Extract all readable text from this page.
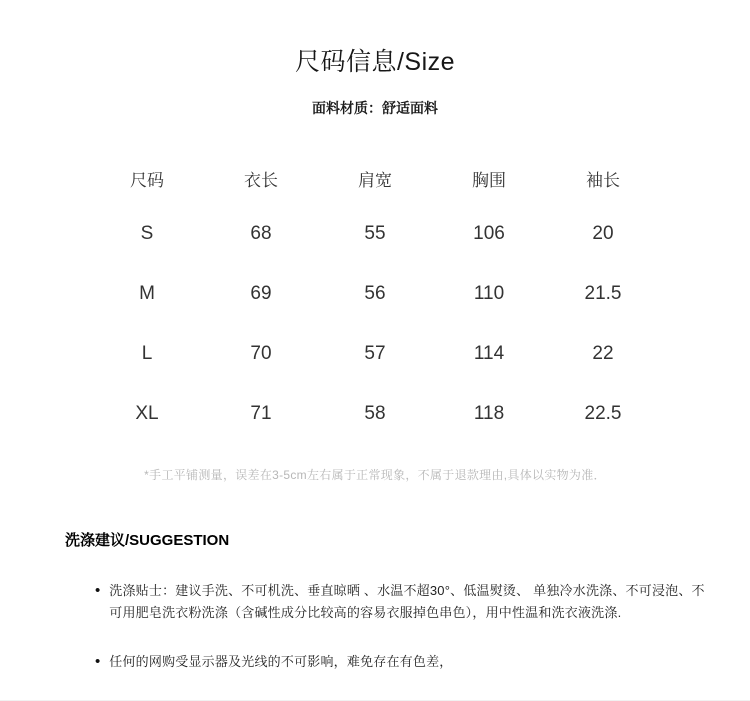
尺码信息/Size
面料材质：舒适面料
尺码	衣长	肩宽	胸围	袖长
S	68	55	106	20
M	69	56	110	21.5
L	70	57	114	22
XL	71	58	118	22.5
*手工平铺测量，误差在3-5cm左右属于正常现象，不属于退款理由,具体以实物为准．
洗涤建议/SUGGESTION
• 洗涤贴士：建议手洗、不可机洗、垂直晾晒 、水温不超30°、低温熨烫、 单独冷水洗涤、不可浸泡、不可用肥皂洗衣粉洗涤（含碱性成分比较高的容易衣服掉色串色），用中性温和洗衣液洗涤.
• 任何的网购受显示器及光线的不可影响，难免存在有色差，
